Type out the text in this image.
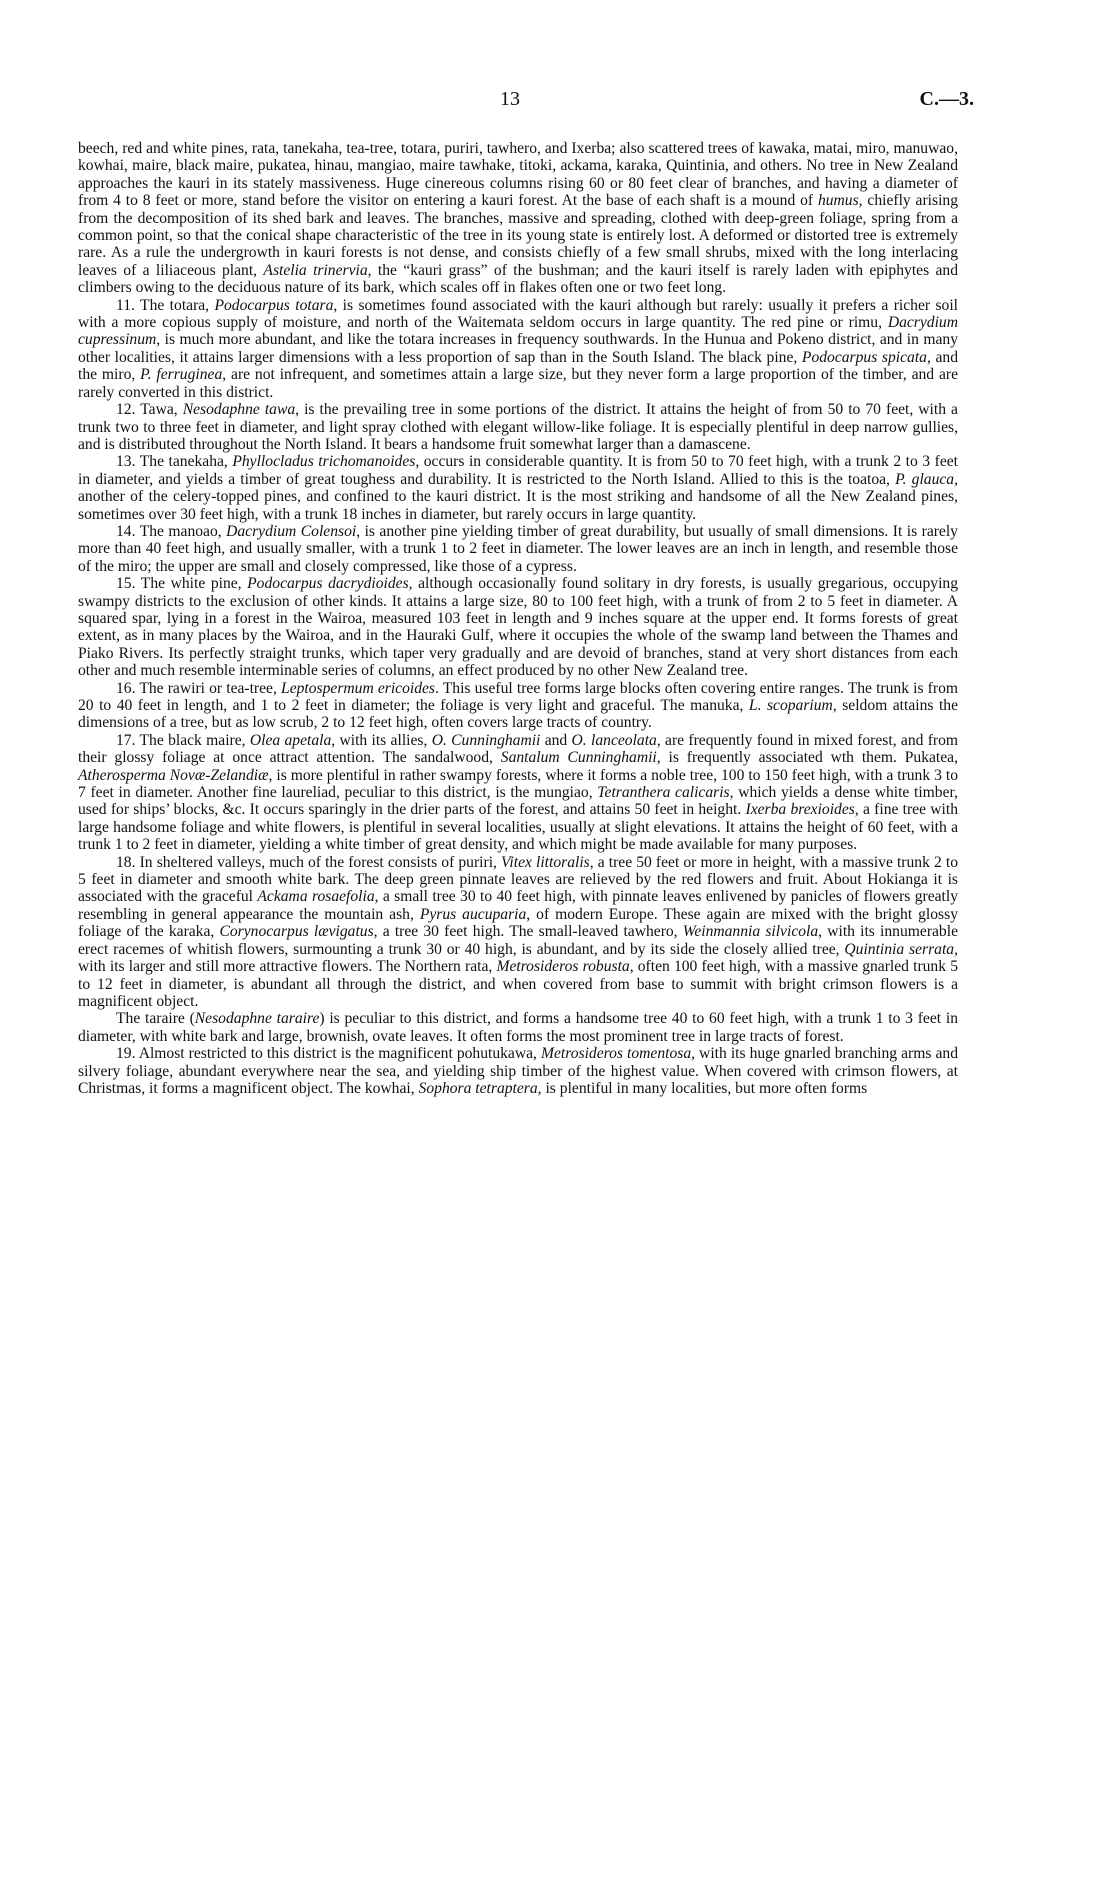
13	C.—3.

beech, red and white pines, rata, tanekaha, tea-tree, totara, puriri, tawhero, and Ixerba; also scattered trees of kawaka, matai, miro, manuwao, kowhai, maire, black maire, pukatea, hinau, mangiao, maire tawhake, titoki, ackama, karaka, Quintinia, and others. No tree in New Zealand approaches the kauri in its stately massiveness. Huge cinereous columns rising 60 or 80 feet clear of branches, and having a diameter of from 4 to 8 feet or more, stand before the visitor on entering a kauri forest. At the base of each shaft is a mound of humus, chiefly arising from the decomposition of its shed bark and leaves. The branches, massive and spreading, clothed with deep-green foliage, spring from a common point, so that the conical shape characteristic of the tree in its young state is entirely lost. A deformed or distorted tree is extremely rare. As a rule the undergrowth in kauri forests is not dense, and consists chiefly of a few small shrubs, mixed with the long interlacing leaves of a liliaceous plant, Astelia trinervia, the “kauri grass” of the bushman; and the kauri itself is rarely laden with epiphytes and climbers owing to the deciduous nature of its bark, which scales off in flakes often one or two feet long.

11. The totara, Podocarpus totara, is sometimes found associated with the kauri although but rarely: usually it prefers a richer soil with a more copious supply of moisture, and north of the Waitemata seldom occurs in large quantity. The red pine or rimu, Dacrydium cupressinum, is much more abundant, and like the totara increases in frequency southwards. In the Hunua and Pokeno district, and in many other localities, it attains larger dimensions with a less proportion of sap than in the South Island. The black pine, Podocarpus spicata, and the miro, P. ferruginea, are not infrequent, and sometimes attain a large size, but they never form a large proportion of the timber, and are rarely converted in this district.

12. Tawa, Nesodaphne tawa, is the prevailing tree in some portions of the district. It attains the height of from 50 to 70 feet, with a trunk two to three feet in diameter, and light spray clothed with elegant willow-like foliage. It is especially plentiful in deep narrow gullies, and is distributed throughout the North Island. It bears a handsome fruit somewhat larger than a damascene.

13. The tanekaha, Phyllocladus trichomanoides, occurs in considerable quantity. It is from 50 to 70 feet high, with a trunk 2 to 3 feet in diameter, and yields a timber of great toughess and durability. It is restricted to the North Island. Allied to this is the toatoa, P. glauca, another of the celery-topped pines, and confined to the kauri district. It is the most striking and handsome of all the New Zealand pines, sometimes over 30 feet high, with a trunk 18 inches in diameter, but rarely occurs in large quantity.

14. The manoao, Dacrydium Colensoi, is another pine yielding timber of great durability, but usually of small dimensions. It is rarely more than 40 feet high, and usually smaller, with a trunk 1 to 2 feet in diameter. The lower leaves are an inch in length, and resemble those of the miro; the upper are small and closely compressed, like those of a cypress.

15. The white pine, Podocarpus dacrydioides, although occasionally found solitary in dry forests, is usually gregarious, occupying swampy districts to the exclusion of other kinds. It attains a large size, 80 to 100 feet high, with a trunk of from 2 to 5 feet in diameter. A squared spar, lying in a forest in the Wairoa, measured 103 feet in length and 9 inches square at the upper end. It forms forests of great extent, as in many places by the Wairoa, and in the Hauraki Gulf, where it occupies the whole of the swamp land between the Thames and Piako Rivers. Its perfectly straight trunks, which taper very gradually and are devoid of branches, stand at very short distances from each other and much resemble interminable series of columns, an effect produced by no other New Zealand tree.

16. The rawiri or tea-tree, Leptospermum ericoides. This useful tree forms large blocks often covering entire ranges. The trunk is from 20 to 40 feet in length, and 1 to 2 feet in diameter; the foliage is very light and graceful. The manuka, L. scoparium, seldom attains the dimensions of a tree, but as low scrub, 2 to 12 feet high, often covers large tracts of country.

17. The black maire, Olea apetala, with its allies, O. Cunninghamii and O. lanceolata, are frequently found in mixed forest, and from their glossy foliage at once attract attention. The sandalwood, Santalum Cunninghamii, is frequently associated wth them. Pukatea, Atherosperma Novæ-Zelandiæ, is more plentiful in rather swampy forests, where it forms a noble tree, 100 to 150 feet high, with a trunk 3 to 7 feet in diameter. Another fine laureliad, peculiar to this district, is the mungiao, Tetranthera calicaris, which yields a dense white timber, used for ships’ blocks, &c. It occurs sparingly in the drier parts of the forest, and attains 50 feet in height. Ixerba brexioides, a fine tree with large handsome foliage and white flowers, is plentiful in several localities, usually at slight elevations. It attains the height of 60 feet, with a trunk 1 to 2 feet in diameter, yielding a white timber of great density, and which might be made available for many purposes.

18. In sheltered valleys, much of the forest consists of puriri, Vitex littoralis, a tree 50 feet or more in height, with a massive trunk 2 to 5 feet in diameter and smooth white bark. The deep green pinnate leaves are relieved by the red flowers and fruit. About Hokianga it is associated with the graceful Ackama rosaefolia, a small tree 30 to 40 feet high, with pinnate leaves enlivened by panicles of flowers greatly resembling in general appearance the mountain ash, Pyrus aucuparia, of modern Europe. These again are mixed with the bright glossy foliage of the karaka, Corynocarpus lævigatus, a tree 30 feet high. The small-leaved tawhero, Weinmannia silvicola, with its innumerable erect racemes of whitish flowers, surmounting a trunk 30 or 40 high, is abundant, and by its side the closely allied tree, Quintinia serrata, with its larger and still more attractive flowers. The Northern rata, Metrosideros robusta, often 100 feet high, with a massive gnarled trunk 5 to 12 feet in diameter, is abundant all through the district, and when covered from base to summit with bright crimson flowers is a magnificent object.

The taraire (Nesodaphne taraire) is peculiar to this district, and forms a handsome tree 40 to 60 feet high, with a trunk 1 to 3 feet in diameter, with white bark and large, brownish, ovate leaves. It often forms the most prominent tree in large tracts of forest.

19. Almost restricted to this district is the magnificent pohutukawa, Metrosideros tomentosa, with its huge gnarled branching arms and silvery foliage, abundant everywhere near the sea, and yielding ship timber of the highest value. When covered with crimson flowers, at Christmas, it forms a magnificent object. The kowhai, Sophora tetraptera, is plentiful in many localities, but more often forms
